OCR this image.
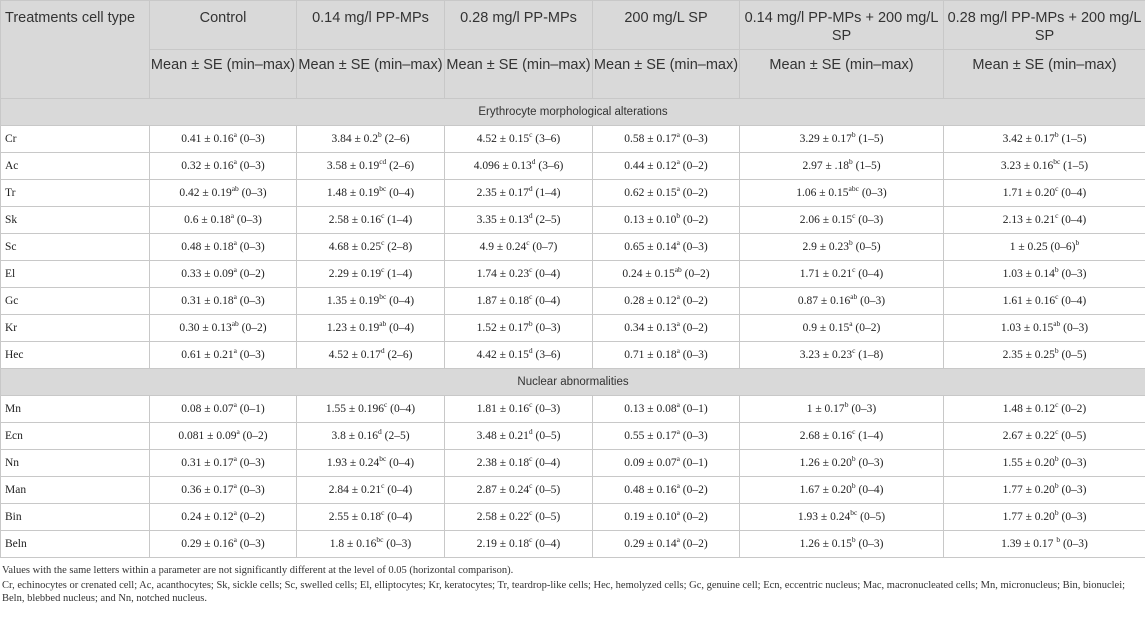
Treatments cell type	Control	0.14 mg/l PP-MPs	0.28 mg/l PP-MPs	200 mg/L SP	0.14 mg/l PP-MPs + 200 mg/L SP	0.28 mg/l PP-MPs + 200 mg/L SP
	Mean ± SE (min–max)	Mean ± SE (min–max)	Mean ± SE (min–max)	Mean ± SE (min–max)	Mean ± SE (min–max)	Mean ± SE (min–max)
Erythrocyte morphological alterations						
Cr	0.41 ± 0.16$^a$ (0–3)	3.84 ± 0.2$^b$ (2–6)	4.52 ± 0.15$^c$ (3–6)	0.58 ± 0.17$^a$ (0–3)	3.29 ± 0.17$^b$ (1–5)	3.42 ± 0.17$^b$ (1–5)
Ac	0.32 ± 0.16$^a$ (0–3)	3.58 ± 0.19$^{cd}$ (2–6)	4.096 ± 0.13$^d$ (3–6)	0.44 ± 0.12$^a$ (0–2)	2.97 ± .18$^b$ (1–5)	3.23 ± 0.16$^{bc}$ (1–5)
Tr	0.42 ± 0.19$^{ab}$ (0–3)	1.48 ± 0.19$^{bc}$ (0–4)	2.35 ± 0.17$^d$ (1–4)	0.62 ± 0.15$^a$ (0–2)	1.06 ± 0.15$^{abc}$ (0–3)	1.71 ± 0.20$^c$ (0–4)
Sk	0.6 ± 0.18$^a$ (0–3)	2.58 ± 0.16$^c$ (1–4)	3.35 ± 0.13$^d$ (2–5)	0.13 ± 0.10$^b$ (0–2)	2.06 ± 0.15$^c$ (0–3)	2.13 ± 0.21$^c$ (0–4)
Sc	0.48 ± 0.18$^a$ (0–3)	4.68 ± 0.25$^c$ (2–8)	4.9 ± 0.24$^c$ (0–7)	0.65 ± 0.14$^a$ (0–3)	2.9 ± 0.23$^b$ (0–5)	1 ± 0.25 $(0-6)^b$
El	0.33 ± 0.09$^a$ (0–2)	2.29 ± 0.19$^c$ (1–4)	1.74 ± 0.23$^c$ (0–4)	0.24 ± 0.15$^{ab}$ (0–2)	1.71 ± 0.21$^c$ (0–4)	1.03 ± 0.14$^b$ (0–3)
Gc	0.31 ± 0.18$^a$ (0–3)	1.35 ± 0.19$^{bc}$ (0–4)	1.87 ± 0.18$^c$ (0–4)	0.28 ± 0.12$^a$ (0–2)	0.87 ± 0.16$^{ab}$ (0–3)	1.61 ± 0.16$^c$ (0–4)
Kr	0.30 ± 0.13$^{ab}$ (0–2)	1.23 ± 0.19$^{ab}$ (0–4)	1.52 ± 0.17$^b$ (0–3)	0.34 ± 0.13$^a$ (0–2)	0.9 ± 0.15$^a$ (0–2)	1.03 ± 0.15$^{ab}$ (0–3)
Hec	0.61 ± 0.21$^a$ (0–3)	4.52 ± 0.17$^d$ (2–6)	4.42 ± 0.15$^d$ (3–6)	0.71 ± 0.18$^a$ (0–3)	3.23 ± 0.23$^c$ (1–8)	2.35 ± 0.25$^b$ (0–5)
Nuclear abnormalities						
Mn	0.08 ± 0.07$^a$ (0–1)	1.55 ± 0.196$^c$ (0–4)	1.81 ± 0.16$^c$ (0–3)	0.13 ± 0.08$^a$ (0–1)	1 ± 0.17$^b$ (0–3)	1.48 ± 0.12$^c$ (0–2)
Ecn	0.081 ± 0.09$^a$ (0–2)	3.8 ± 0.16$^d$ (2–5)	3.48 ± 0.21$^d$ (0–5)	0.55 ± 0.17$^a$ (0–3)	2.68 ± 0.16$^c$ (1–4)	2.67 ± 0.22$^c$ (0–5)
Nn	0.31 ± 0.17$^a$ (0–3)	1.93 ± 0.24$^{bc}$ (0–4)	2.38 ± 0.18$^c$ (0–4)	0.09 ± 0.07$^a$ (0–1)	1.26 ± 0.20$^b$ (0–3)	1.55 ± 0.20$^b$ (0–3)
Man	0.36 ± 0.17$^a$ (0–3)	2.84 ± 0.21$^c$ (0–4)	2.87 ± 0.24$^c$ (0–5)	0.48 ± 0.16$^a$ (0–2)	1.67 ± 0.20$^b$ (0–4)	1.77 ± 0.20$^b$ (0–3)
Bin	0.24 ± 0.12$^a$ (0–2)	2.55 ± 0.18$^c$ (0–4)	2.58 ± 0.22$^c$ (0–5)	0.19 ± 0.10$^a$ (0–2)	1.93 ± 0.24$^{bc}$ (0–5)	1.77 ± 0.20$^b$ (0–3)
Beln	0.29 ± 0.16$^a$ (0–3)	1.8 ± 0.16$^{bc}$ (0–3)	2.19 ± 0.18$^c$ (0–4)	0.29 ± 0.14$^a$ (0–2)	1.26 ± 0.15$^b$ (0–3)	1.39 ± 0.17 $^b$ (0–3)

Values with the same letters within a parameter are not significantly different at the level of 0.05 (horizontal comparison).

Cr, echinocytes or crenated cell; Ac, acanthocytes; Sk, sickle cells; Sc, swelled cells; El, elliptocytes; Kr, keratocytes; Tr, teardrop-like cells; Hec, hemolyzed cells; Gc, genuine cell; Ecn, eccentric nucleus; Mac, macronucleated cells; Mn, micronucleus; Bin, bionuclei; Beln, blebbed nucleus; and Nn, notched nucleus.
